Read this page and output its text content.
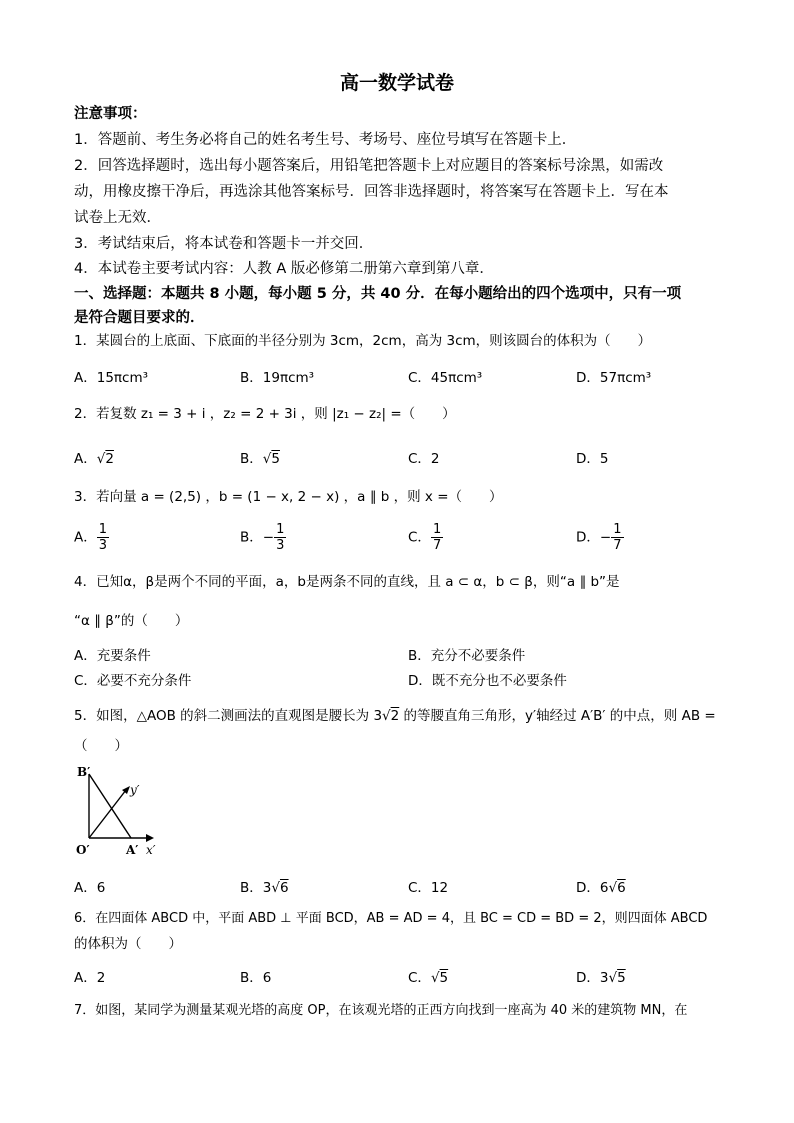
高一数学试卷
注意事项：
1．答题前、考生务必将自己的姓名考生号、考场号、座位号填写在答题卡上．
2．回答选择题时，选出每小题答案后，用铅笔把答题卡上对应题目的答案标号涂黑，如需改
动，用橡皮擦干净后，再选涂其他答案标号．回答非选择题时，将答案写在答题卡上．写在本
试卷上无效．
3．考试结束后，将本试卷和答题卡一并交回．
4．本试卷主要考试内容：人教 A 版必修第二册第六章到第八章．
一、选择题：本题共 8 小题，每小题 5 分，共 40 分．在每小题给出的四个选项中，只有一项
是符合题目要求的．
1．某圆台的上底面、下底面的半径分别为 3cm，2cm，高为 3cm，则该圆台的体积为（　　）
A．15πcm³	B．19πcm³	C．45πcm³	D．57πcm³
2．若复数 z₁ = 3 + i ，z₂ = 2 + 3i ，则 |z₁ − z₂| =（　　）
A．√2	B．√5	C．2	D．5
3．若向量 a = (2,5) ，b = (1 − x, 2 − x) ，a ∥ b ，则 x =（　　）
A． $\frac{1}{3}$	B．− $\frac{1}{3}$	C． $\frac{1}{7}$	D．− $\frac{1}{7}$
4．已知α，β是两个不同的平面，a，b是两条不同的直线，且 a ⊂ α，b ⊂ β，则“a ∥ b”是
“α ∥ β”的（　　）
A．充要条件	B．充分不必要条件
C．必要不充分条件	D．既不充分也不必要条件
5．如图，△AOB 的斜二测画法的直观图是腰长为 3√2 的等腰直角三角形，y′轴经过 A′B′ 的中点，则 AB =
（　　）
B′
y′
O′	A′ x′
A．6	B．3√6	C．12	D．6√6
6．在四面体 ABCD 中，平面 ABD ⊥ 平面 BCD，AB = AD = 4，且 BC = CD = BD = 2，则四面体 ABCD
的体积为（　　）
A．2	B．6	C．√5	D．3√5
7．如图，某同学为测量某观光塔的高度 OP，在该观光塔的正西方向找到一座高为 40 米的建筑物 MN，在
